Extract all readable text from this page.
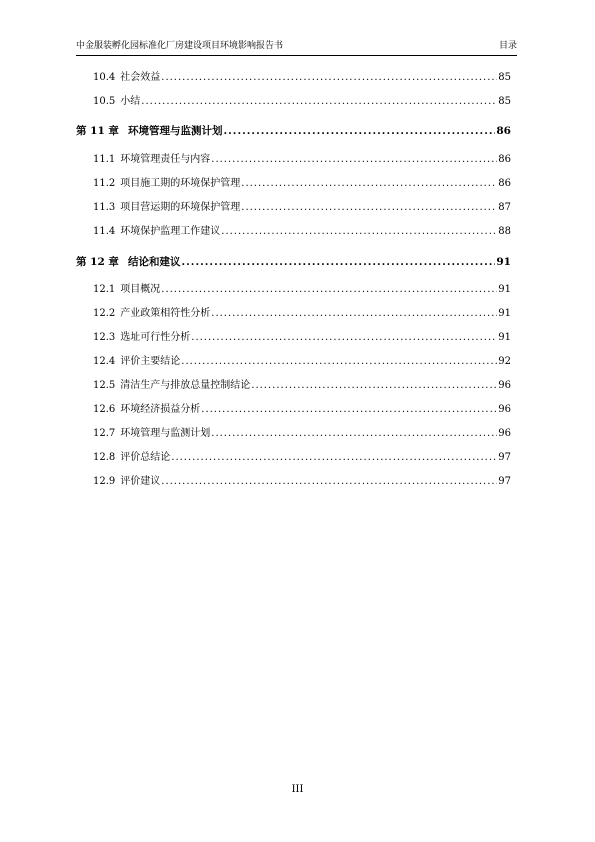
中金服装孵化园标准化厂房建设项目环境影响报告书	目录
10.4 社会效益 .....	85
10.5 小结 .....	85
第 11 章 环境管理与监测计划 .....	86
11.1 环境管理责任与内容 .....	86
11.2 项目施工期的环境保护管理 .....	86
11.3 项目营运期的环境保护管理 .....	87
11.4 环境保护监理工作建议 .....	88
第 12 章 结论和建议 .....	91
12.1 项目概况 .....	91
12.2 产业政策相符性分析 .....	91
12.3 选址可行性分析 .....	91
12.4 评价主要结论 .....	92
12.5 清洁生产与排放总量控制结论 .....	96
12.6 环境经济损益分析 .....	96
12.7 环境管理与监测计划 .....	96
12.8 评价总结论 .....	97
12.9 评价建议 .....	97
III
